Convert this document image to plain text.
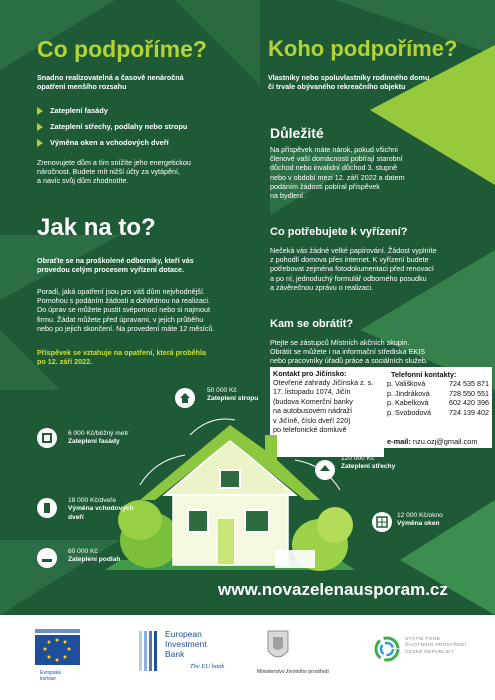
Co podpoříme?
Snadno realizovatelná a časově nenáročná
opatření menšího rozsahu
Zateplení fasády
Zateplení střechy, podlahy nebo stropu
Výměna oken a vchodových dveří
Zrenovujete dům a tím snížíte jeho energetickou
náročnost. Budete mít nižší účty za vytápění,
a navíc svůj dům zhodnotíte.
Koho podpoříme?
Vlastníky nebo spoluvlastníky rodinného domu
či trvale obývaného rekreačního objektu
Důležité
Na příspěvek máte nárok, pokud všichni
členové vaší domácnosti pobírají starobní
důchod nebo invalidní důchod 3. stupně
nebo v období mezi 12. září 2022 a datem
podáním žádosti pobíral příspěvek
na bydlení.
Jak na to?
Obraťte se na proškolené odborníky, kteří vás
provedou celým procesem vyřízení dotace.
Poradí, jaká opatření jsou pro váš dům nejvhodnější.
Pomohou s podáním žádosti a dohlédnou na realizaci.
Do úprav se můžete pustit svépomocí nebo si najmout
firmu. Žádat můžete před úpravami, v jejich průběhu
nebo po jejich skončení. Na provedení máte 12 měsíců.
Příspěvek se vztahuje na opatření, která proběhla
po 12. září 2022.
Co potřebujete k vyřízení?
Nečeká vás žádné velké papírování. Žádost vyplníte
z pohodlí domova přes internet. K vyřízení budete
potřebovat zejména fotodokumentaci před renovací
a po ní, jednoduchý formulář odborného posudku
a závěrečnou zprávu o realizaci.
Kam se obrátit?
Ptejte se zástupců Místních akčních skupin.
Obrátit se můžete i na informační střediska EKIS
nebo pracovníky úřadů práce a sociálních služeb.
Kontakt pro Jičínsko:
Otevřené zahrady Jičínska z. s.
17. listopadu 1074, Jičín
(budova Komerční banky
na autobusovém nádraží
v Jičíně, číslo dveří 220)
po telefonické domluvě
Telefonní kontakty:
p. Vališková	724 535 871
p. Jindráková	728 550 551
p. Kabelková	602 420 396
p. Svobodová	724 139 402
e-mail: nzu.ozj@gmail.com
50 000 Kč
Zateplení stropu
6 000 Kč/běžný metr
Zateplení fasády
120 000 Kč
Zateplení střechy
18 000 Kč/dveře
Výměna vchodových dveří	12 000 Kč/okno
Výměna oken
60 000 Kč
Zateplení podlah
www.novazelenausporam.cz
Evropská
komise
European
Investment
Bank
The EU bank
Ministerstvo životního prostředí
STÁTNÍ FOND
ŽIVOTNÍHO PROSTŘEDÍ
ČESKÉ REPUBLIKY
